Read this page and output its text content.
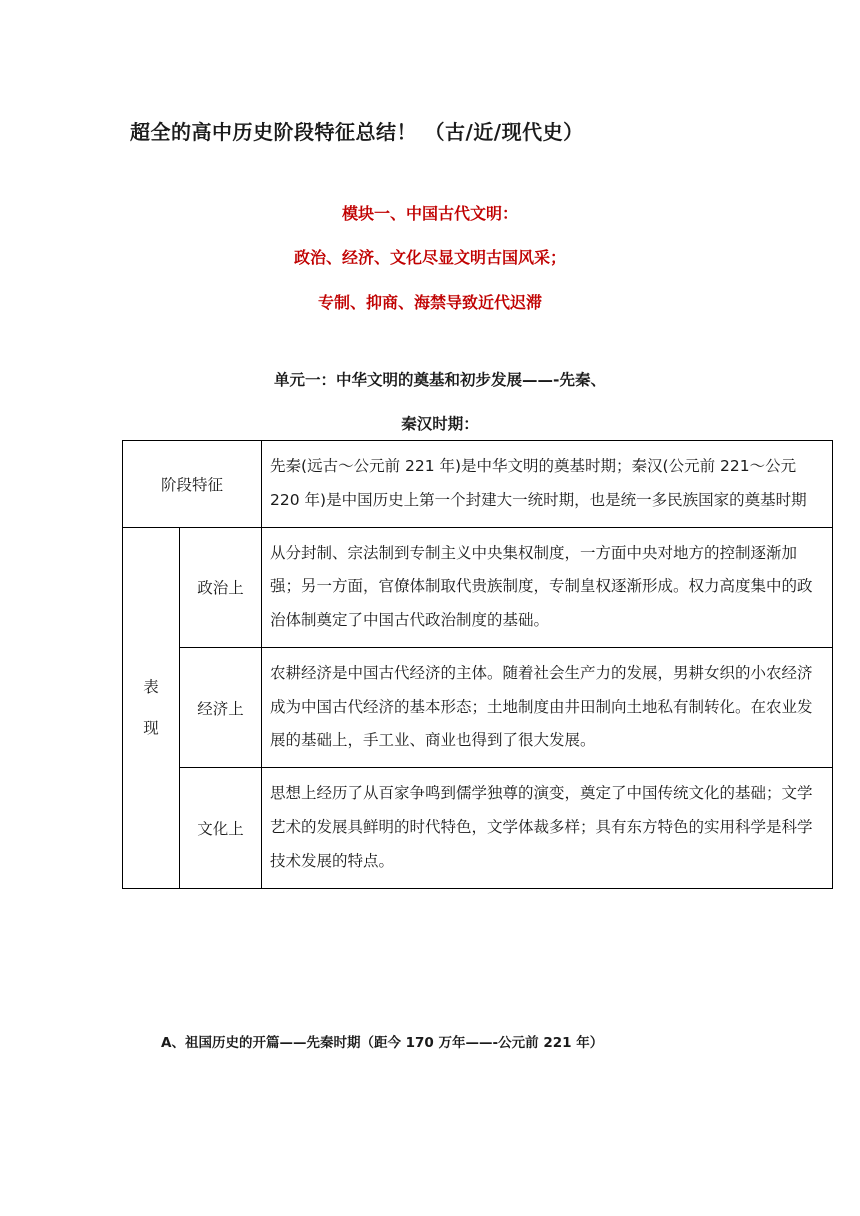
超全的高中历史阶段特征总结！ （古/近/现代史）
模块一、中国古代文明：
政治、经济、文化尽显文明古国风采；
专制、抑商、海禁导致近代迟滞
单元一：中华文明的奠基和初步发展——-先秦、
秦汉时期：
阶段特征		先秦(远古～公元前 221 年)是中华文明的奠基时期；秦汉(公元前 221～公元 220 年)是中国历史上第一个封建大一统时期，也是统一多民族国家的奠基时期
表
现	政治上	从分封制、宗法制到专制主义中央集权制度，一方面中央对地方的控制逐渐加强；另一方面，官僚体制取代贵族制度，专制皇权逐渐形成。权力高度集中的政治体制奠定了中国古代政治制度的基础。
	经济上	农耕经济是中国古代经济的主体。随着社会生产力的发展，男耕女织的小农经济成为中国古代经济的基本形态；土地制度由井田制向土地私有制转化。在农业发展的基础上，手工业、商业也得到了很大发展。
	文化上	思想上经历了从百家争鸣到儒学独尊的演变，奠定了中国传统文化的基础；文学艺术的发展具鲜明的时代特色，文学体裁多样；具有东方特色的实用科学是科学技术发展的特点。

A、祖国历史的开篇——先秦时期（距今 170 万年——-公元前 221 年）
